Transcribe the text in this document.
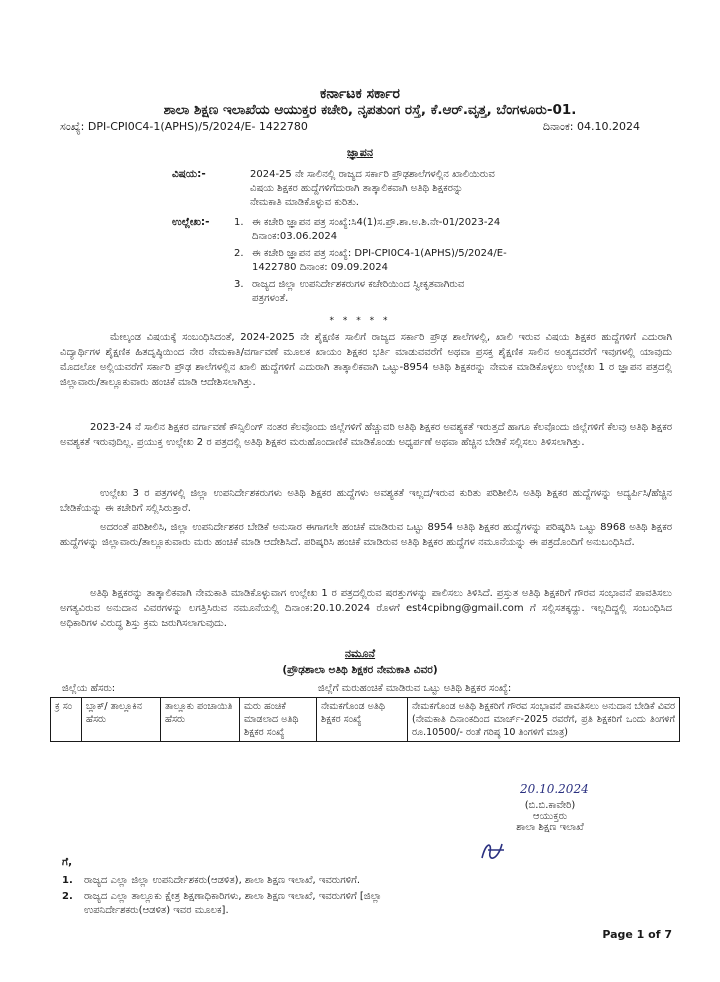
ಕರ್ನಾಟಕ ಸರ್ಕಾರ
ಶಾಲಾ ಶಿಕ್ಷಣ ಇಲಾಖೆಯ ಆಯುಕ್ತರ ಕಚೇರಿ, ನೃಪತುಂಗ ರಸ್ತೆ, ಕೆ.ಆರ್.ವೃತ್ತ, ಬೆಂಗಳೂರು-01.
ಸಂಖ್ಯೆ: DPI-CPI0C4-1(APHS)/5/2024/E- 1422780	ದಿನಾಂಕ: 04.10.2024
ಜ್ಞಾಪನ
ವಿಷಯ:-	2024-25 ನೇ ಸಾಲಿನಲ್ಲಿ ರಾಜ್ಯದ ಸರ್ಕಾರಿ ಪ್ರೌಢಶಾಲೆಗಳಲ್ಲಿನ ಖಾಲಿಯಿರುವ
ವಿಷಯ ಶಿಕ್ಷಕರ ಹುದ್ದೆಗಳಿಗೆದುರಾಗಿ ತಾತ್ಕಾಲಿಕವಾಗಿ ಅತಿಥಿ ಶಿಕ್ಷಕರನ್ನು
ನೇಮಕಾತಿ ಮಾಡಿಕೊಳ್ಳುವ ಕುರಿತು.
ಉಲ್ಲೇಖ:- 1. ಈ ಕಚೇರಿ ಜ್ಞಾಪನ ಪತ್ರ ಸಂಖ್ಯೆ:ಸಿ4(1)ಸ.ಪ್ರೌ.ಶಾ.ಅ.ಶಿ.ನೇ-01/2023-24
ದಿನಾಂಕ:03.06.2024
2. ಈ ಕಚೇರಿ ಜ್ಞಾಪನ ಪತ್ರ ಸಂಖ್ಯೆ: DPI-CPI0C4-1(APHS)/5/2024/E-
1422780 ದಿನಾಂಕ: 09.09.2024
3. ರಾಜ್ಯದ ಜಿಲ್ಲಾ ಉಪನಿರ್ದೇಶಕರುಗಳ ಕಚೇರಿಯಿಂದ ಸ್ವೀಕೃತವಾಗಿರುವ
ಪತ್ರಗಳಂತೆ.
* * * * *
ಮೇಲ್ಕಂಡ ವಿಷಯಕ್ಕೆ ಸಂಬಂಧಿಸಿದಂತೆ, 2024-2025 ನೇ ಶೈಕ್ಷಣಿಕ ಸಾಲಿಗೆ ರಾಜ್ಯದ ಸರ್ಕಾರಿ ಪ್ರೌಢ ಶಾಲೆಗಳಲ್ಲಿ, ಖಾಲಿ ಇರುವ ವಿಷಯ ಶಿಕ್ಷಕರ ಹುದ್ದೆಗಳಿಗೆ ಎದುರಾಗಿ ವಿದ್ಯಾರ್ಥಿಗಳ ಶೈಕ್ಷಣಿಕ ಹಿತದೃಷ್ಠಿಯಿಂದ ನೇರ ನೇಮಕಾತಿ/ವರ್ಗಾವಣೆ ಮೂಲಕ ಖಾಯಂ ಶಿಕ್ಷಕರ ಭರ್ತಿ ಮಾಡುವವರೆಗೆ ಅಥವಾ ಪ್ರಸಕ್ತ ಶೈಕ್ಷಣಿಕ ಸಾಲಿನ ಅಂತ್ಯದವರೆಗೆ ಇವುಗಳಲ್ಲಿ ಯಾವುದು ಮೊದಲೋ ಅಲ್ಲಿಯವರೆಗೆ ಸರ್ಕಾರಿ ಪ್ರೌಢ ಶಾಲೆಗಳಲ್ಲಿನ ಖಾಲಿ ಹುದ್ದೆಗಳಿಗೆ ಎದುರಾಗಿ ತಾತ್ಕಾಲಿಕವಾಗಿ ಒಟ್ಟು-8954 ಅತಿಥಿ ಶಿಕ್ಷಕರನ್ನು ನೇಮಕ ಮಾಡಿಕೊಳ್ಳಲು ಉಲ್ಲೇಖ 1 ರ ಜ್ಞಾಪನ ಪತ್ರದಲ್ಲಿ ಜಿಲ್ಲಾವಾರು/ತಾಲ್ಲೂಕುವಾರು ಹಂಚಿಕೆ ಮಾಡಿ ಆದೇಶಿಸಲಾಗಿತ್ತು.
2023-24 ನೆ ಸಾಲಿನ ಶಿಕ್ಷಕರ ವರ್ಗಾವಣೆ ಕೌನ್ಸಿಲಿಂಗ್ ನಂತರ ಕೆಲವೊಂದು ಜಿಲ್ಲೆಗಳಿಗೆ ಹೆಚ್ಚುವರಿ ಅತಿಥಿ ಶಿಕ್ಷಕರ ಅವಶ್ಯಕತೆ ಇರುತ್ತದೆ ಹಾಗೂ ಕೆಲವೊಂದು ಜಿಲ್ಲೆಗಳಿಗೆ ಕೆಲವು ಅತಿಥಿ ಶಿಕ್ಷಕರ ಅವಶ್ಯಕತೆ ಇರುವುದಿಲ್ಲ. ಪ್ರಯುಕ್ತ ಉಲ್ಲೇಖ 2 ರ ಪತ್ರದಲ್ಲಿ ಅತಿಥಿ ಶಿಕ್ಷಕರ ಮರುಹೊಂದಾಣಿಕೆ ಮಾಡಿಕೊಂಡು ಅಧ್ಯರ್ಪಣೆ ಅಥವಾ ಹೆಚ್ಚಿನ ಬೇಡಿಕೆ ಸಲ್ಲಿಸಲು ತಿಳಿಸಲಾಗಿತ್ತು.
ಉಲ್ಲೇಖ 3 ರ ಪತ್ರಗಳಲ್ಲಿ ಜಿಲ್ಲಾ ಉಪನಿರ್ದೇಶಕರುಗಳು ಅತಿಥಿ ಶಿಕ್ಷಕರ ಹುದ್ದೆಗಳು ಅವಶ್ಯಕತೆ ಇಲ್ಲದ/ಇರುವ ಕುರಿತು ಪರಿಶೀಲಿಸಿ ಅತಿಥಿ ಶಿಕ್ಷಕರ ಹುದ್ದೆಗಳನ್ನು ಅದ್ಯರ್ಪಿಸಿ/ಹೆಚ್ಚಿನ ಬೇಡಿಕೆಯನ್ನು ಈ ಕಚೇರಿಗೆ ಸಲ್ಲಿಸಿರುತ್ತಾರೆ.
ಅದರಂತೆ ಪರಿಶೀಲಿಸಿ, ಜಿಲ್ಲಾ ಉಪನಿರ್ದೇಶಕರ ಬೇಡಿಕೆ ಅನುಸಾರ ಈಗಾಗಲೇ ಹಂಚಿಕೆ ಮಾಡಿರುವ ಒಟ್ಟು 8954 ಅತಿಥಿ ಶಿಕ್ಷಕರ ಹುದ್ದೆಗಳನ್ನು ಪರಿಷ್ಕರಿಸಿ ಒಟ್ಟು 8968 ಅತಿಥಿ ಶಿಕ್ಷಕರ ಹುದ್ದೆಗಳನ್ನು ಜಿಲ್ಲಾವಾರು/ತಾಲ್ಲೂಕುವಾರು ಮರು ಹಂಚಿಕೆ ಮಾಡಿ ಆದೇಶಿಸಿದೆ. ಪರಿಷ್ಕರಿಸಿ ಹಂಚಿಕೆ ಮಾಡಿರುವ ಅತಿಥಿ ಶಿಕ್ಷಕರ ಹುದ್ದೆಗಳ ನಮೂನೆಯನ್ನು ಈ ಪತ್ರದೊಂದಿಗೆ ಅನುಬಂಧಿಸಿದೆ.
ಅತಿಥಿ ಶಿಕ್ಷಕರನ್ನು ತಾತ್ಕಾಲಿಕವಾಗಿ ನೇಮಕಾತಿ ಮಾಡಿಕೊಳ್ಳುವಾಗ ಉಲ್ಲೇಖ 1 ರ ಪತ್ರದಲ್ಲಿರುವ ಷರತ್ತುಗಳನ್ನು ಪಾಲಿಸಲು ತಿಳಿಸಿದೆ. ಪ್ರಸ್ತುತ ಅತಿಥಿ ಶಿಕ್ಷಕರಿಗೆ ಗೌರವ ಸಂಭಾವನೆ ಪಾವತಿಸಲು ಅಗತ್ಯವಿರುವ ಅನುದಾನ ವಿವರಗಳನ್ನು ಲಗತ್ತಿಸಿರುವ ನಮೂನೆಯಲ್ಲಿ ದಿನಾಂಕ:20.10.2024 ರೊಳಗೆ est4cpibng@gmail.com ಗೆ ಸಲ್ಲಿಸತಕ್ಕದ್ದು. ಇಲ್ಲದಿದ್ದಲ್ಲಿ ಸಂಬಂಧಿಸಿದ ಅಧಿಕಾರಿಗಳ ವಿರುದ್ಧ ಶಿಸ್ತು ಕ್ರಮ ಜರುಗಿಸಲಾಗುವುದು.
ನಮೂನೆ
(ಪ್ರೌಢಶಾಲಾ ಅತಿಥಿ ಶಿಕ್ಷಕರ ನೇಮಕಾತಿ ವಿವರ)
ಜಿಲ್ಲೆಯ ಹೆಸರು:	ಜಿಲ್ಲೆಗೆ ಮರುಹಂಚಿಕೆ ಮಾಡಿರುವ ಒಟ್ಟು ಅತಿಥಿ ಶಿಕ್ಷಕರ ಸಂಖ್ಯೆ:
ಕ್ರ ಸಂ	ಬ್ಲಾಕ್/ ತಾಲ್ಲೂಕಿನ ಹೆಸರು	ತಾಲ್ಲೂಕು ಪಂಚಾಯಿತಿ ಹೆಸರು	ಮರು ಹಂಚಿಕೆ ಮಾಡಲಾದ ಅತಿಥಿ ಶಿಕ್ಷಕರ ಸಂಖ್ಯೆ	ನೇಮಕಗೊಂಡ ಅತಿಥಿ ಶಿಕ್ಷಕರ ಸಂಖ್ಯೆ	ನೇಮಕಗೊಂಡ ಅತಿಥಿ ಶಿಕ್ಷಕರಿಗೆ ಗೌರವ ಸಂಭಾವನೆ ಪಾವತಿಸಲು ಅನುದಾನ ಬೇಡಿಕೆ ವಿವರ (ನೇಮಕಾತಿ ದಿನಾಂಕದಿಂದ ಮಾರ್ಚ್-2025 ರವರೆಗೆ, ಪ್ರತಿ ಶಿಕ್ಷಕರಿಗೆ ಒಂದು ತಿಂಗಳಿಗೆ ರೂ.10500/- ರಂತೆ ಗರಿಷ್ಠ 10 ತಿಂಗಳಿಗೆ ಮಾತ್ರ)
20.10.2024
(ಬಿ.ಬಿ.ಕಾವೇರಿ)
ಆಯುಕ್ತರು
ಶಾಲಾ ಶಿಕ್ಷಣ ಇಲಾಖೆ
ಗೆ,
1.	ರಾಜ್ಯದ ಎಲ್ಲಾ ಜಿಲ್ಲಾ ಉಪನಿರ್ದೇಶಕರು(ಆಡಳಿತ), ಶಾಲಾ ಶಿಕ್ಷಣ ಇಲಾಖೆ, ಇವರುಗಳಿಗೆ.
2.	ರಾಜ್ಯದ ಎಲ್ಲಾ ತಾಲ್ಲೂಕು ಕ್ಷೇತ್ರ ಶಿಕ್ಷಣಾಧಿಕಾರಿಗಳು, ಶಾಲಾ ಶಿಕ್ಷಣ ಇಲಾಖೆ, ಇವರುಗಳಿಗೆ [ಜಿಲ್ಲಾ
ಉಪನಿರ್ದೇಶಕರು(ಆಡಳಿತ) ಇವರ ಮೂಲಕ].
Page 1 of 7
